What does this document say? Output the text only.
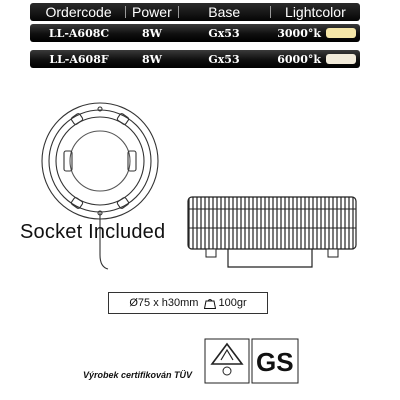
Ordercode	Power	Base	Lightcolor
LL-A608C	8W	Gx53	3000°k
LL-A608F	8W	Gx53	6000°k
Socket Included
Ø75 x h30mm 100gr
Výrobek certifikován TÜV GS
